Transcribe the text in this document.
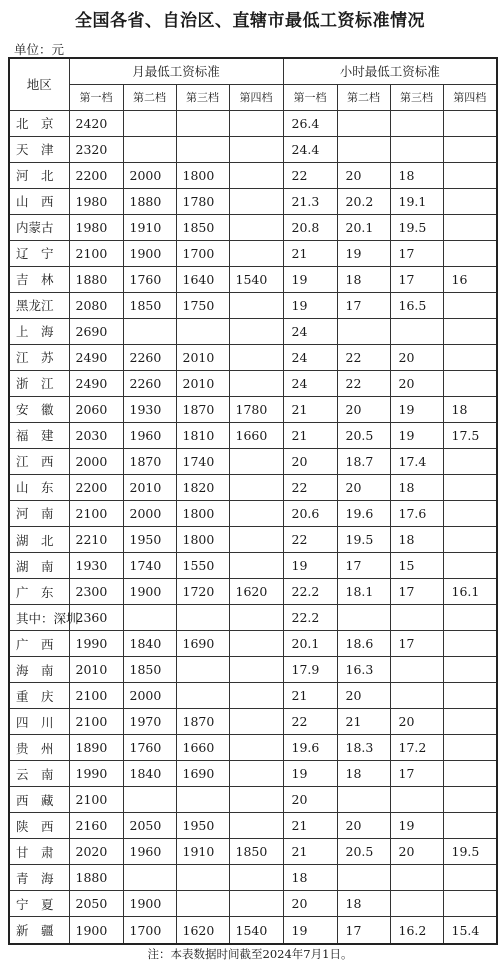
全国各省、自治区、直辖市最低工资标准情况
单位：元
地区	月最低工资标准				小时最低工资标准			
	第一档	第二档	第三档	第四档	第一档	第二档	第三档	第四档
北　京	2420				26.4			
天　津	2320				24.4			
河　北	2200	2000	1800		22	20	18	
山　西	1980	1880	1780		21.3	20.2	19.1	
内蒙古	1980	1910	1850		20.8	20.1	19.5	
辽　宁	2100	1900	1700		21	19	17	
吉　林	1880	1760	1640	1540	19	18	17	16
黑龙江	2080	1850	1750		19	17	16.5	
上　海	2690				24			
江　苏	2490	2260	2010		24	22	20	
浙　江	2490	2260	2010		24	22	20	
安　徽	2060	1930	1870	1780	21	20	19	18
福　建	2030	1960	1810	1660	21	20.5	19	17.5
江　西	2000	1870	1740		20	18.7	17.4	
山　东	2200	2010	1820		22	20	18	
河　南	2100	2000	1800		20.6	19.6	17.6	
湖　北	2210	1950	1800		22	19.5	18	
湖　南	1930	1740	1550		19	17	15	
广　东	2300	1900	1720	1620	22.2	18.1	17	16.1
其中：深圳	2360				22.2			
广　西	1990	1840	1690		20.1	18.6	17	
海　南	2010	1850			17.9	16.3		
重　庆	2100	2000			21	20		
四　川	2100	1970	1870		22	21	20	
贵　州	1890	1760	1660		19.6	18.3	17.2	
云　南	1990	1840	1690		19	18	17	
西　藏	2100				20			
陕　西	2160	2050	1950		21	20	19	
甘　肃	2020	1960	1910	1850	21	20.5	20	19.5
青　海	1880				18			
宁　夏	2050	1900			20	18		
新　疆	1900	1700	1620	1540	19	17	16.2	15.4
注：本表数据时间截至2024年7月1日。
